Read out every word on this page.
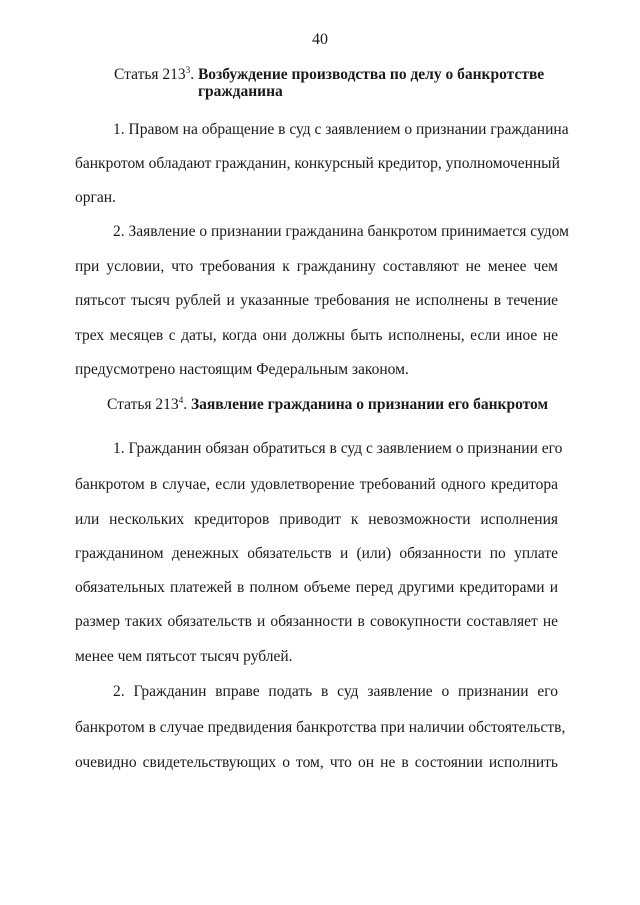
40
Статья $213^3$. Возбуждение производства по делу о банкротстве
гражданина
1. Правом на обращение в суд с заявлением о признании гражданина
банкротом обладают гражданин, конкурсный кредитор, уполномоченный
орган.
2. Заявление о признании гражданина банкротом принимается судом
при условии, что требования к гражданину составляют не менее чем
пятьсот тысяч рублей и указанные требования не исполнены в течение
трех месяцев с даты, когда они должны быть исполнены, если иное не
предусмотрено настоящим Федеральным законом.
Статья $213^4$. Заявление гражданина о признании его банкротом
1. Гражданин обязан обратиться в суд с заявлением о признании его
банкротом в случае, если удовлетворение требований одного кредитора
или нескольких кредиторов приводит к невозможности исполнения
гражданином денежных обязательств и (или) обязанности по уплате
обязательных платежей в полном объеме перед другими кредиторами и
размер таких обязательств и обязанности в совокупности составляет не
менее чем пятьсот тысяч рублей.
2. Гражданин вправе подать в суд заявление о признании его
банкротом в случае предвидения банкротства при наличии обстоятельств,
очевидно свидетельствующих о том, что он не в состоянии исполнить
